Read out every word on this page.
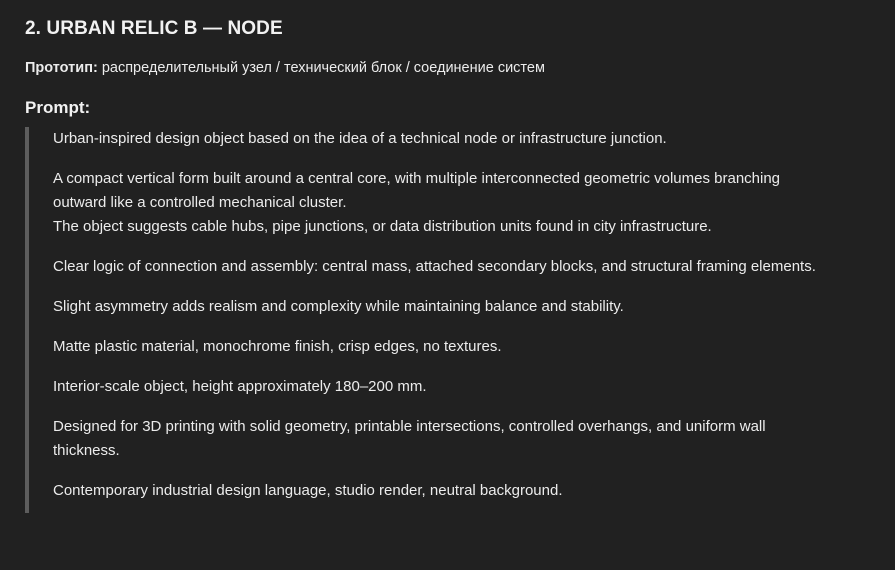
2. URBAN RELIC B — NODE

Прототип: распределительный узел / технический блок / соединение систем

Prompt:

Urban-inspired design object based on the idea of a technical node or infrastructure junction.

A compact vertical form built around a central core, with multiple interconnected geometric volumes branching outward like a controlled mechanical cluster.
The object suggests cable hubs, pipe junctions, or data distribution units found in city infrastructure.

Clear logic of connection and assembly: central mass, attached secondary blocks, and structural framing elements.

Slight asymmetry adds realism and complexity while maintaining balance and stability.

Matte plastic material, monochrome finish, crisp edges, no textures.

Interior-scale object, height approximately 180–200 mm.

Designed for 3D printing with solid geometry, printable intersections, controlled overhangs, and uniform wall thickness.

Contemporary industrial design language, studio render, neutral background.
